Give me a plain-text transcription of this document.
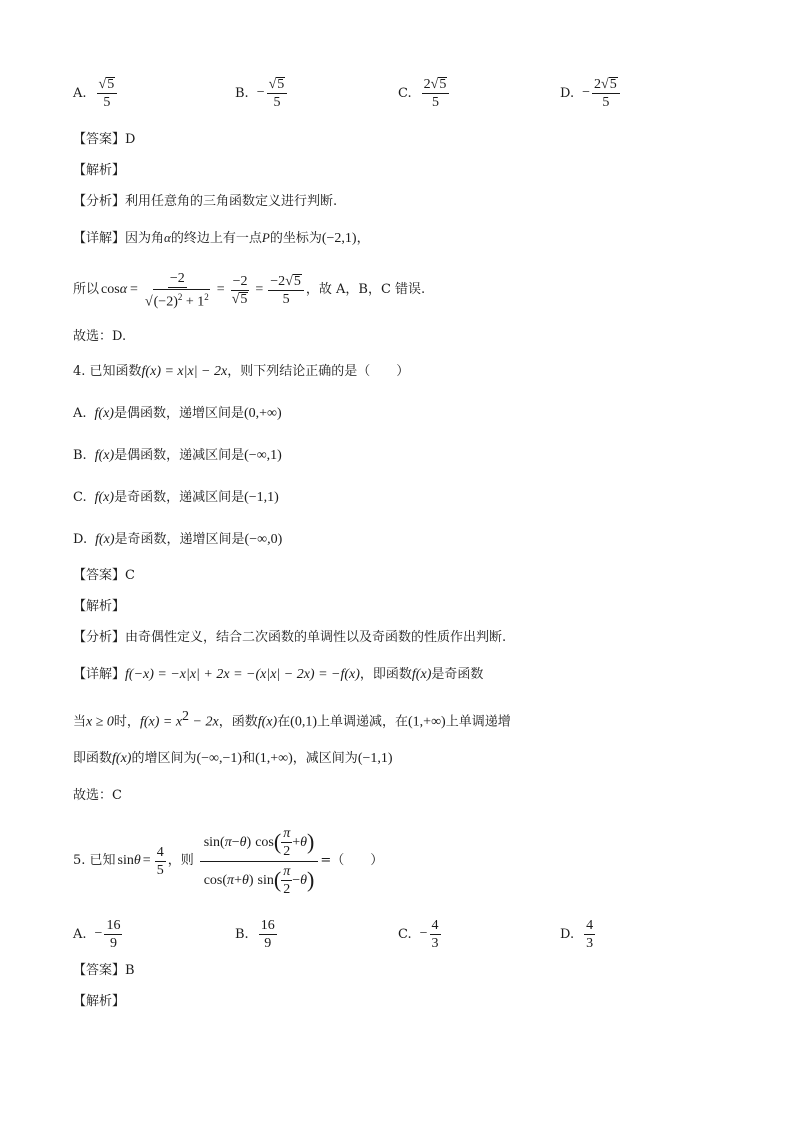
A. $\frac{√5}{5}$	B. − $\frac{√5}{5}$	C. $\frac{2√5}{5}$	D. − $\frac{2√5}{5}$
【答案】D
【解析】
【分析】利用任意角的三角函数定义进行判断.
【详解】因为角α的终边上有一点P的坐标为(−2,1)，
所以 $\cos \alpha = \frac{-2}{√(-2)^2 + 1^2} = \frac{-2}{√5} = \frac{-2√5}{5}$ ，故 A，B，C 错误.
故选：D.
4. 已知函数f(x) = x|x| − 2x，则下列结论正确的是（　　）
A. f(x)是偶函数，递增区间是(0,+∞)
B. f(x)是偶函数，递减区间是(−∞,1)
C. f(x)是奇函数，递减区间是(−1,1)
D. f(x)是奇函数，递增区间是(−∞,0)
【答案】C
【解析】
【分析】由奇偶性定义，结合二次函数的单调性以及奇函数的性质作出判断.
【详解】f(−x) = −x|x| + 2x = −(x|x| − 2x) = −f(x)，即函数f(x)是奇函数
当x ≥ 0时，$f(x) = x^2 - 2x$，函数f(x)在(0,1)上单调递减，在(1,+∞)上单调递增
即函数f(x)的增区间为(−∞,−1)和(1,+∞)，减区间为(−1,1)
故选：C
5. 已知 $\sin \theta = \frac{4}{5}$ ，则 $\frac{\sin ( \pi - \theta ) \cos ( \frac{\pi}{2} + \theta )}{\cos ( \pi + \theta ) \sin ( \frac{\pi}{2} - \theta )}$ =（　　）
A. − $\frac{16}{9}$	B. $\frac{16}{9}$	C. − $\frac{4}{3}$	D. $\frac{4}{3}$
【答案】B
【解析】
